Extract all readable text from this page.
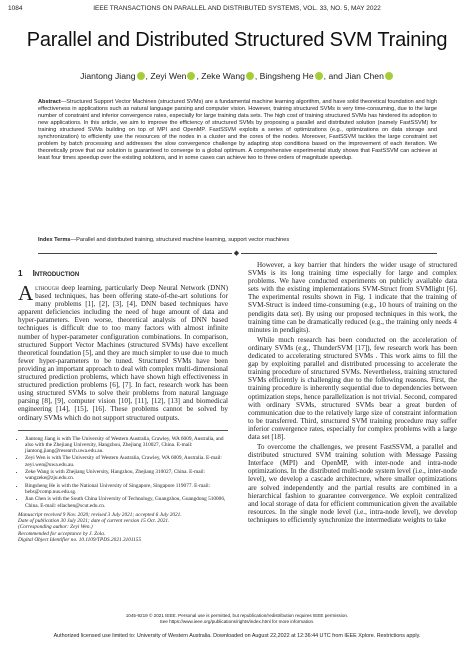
1084	IEEE TRANSACTIONS ON PARALLEL AND DISTRIBUTED SYSTEMS, VOL. 33, NO. 5, MAY 2022
Parallel and Distributed Structured SVM Training
Jiantong Jiang , Zeyi Wen , Zeke Wang , Bingsheng He , and Jian Chen
Abstract—Structured Support Vector Machines (structured SVMs) are a fundamental machine learning algorithm, and have solid theoretical foundation and high effectiveness in applications such as natural language parsing and computer vision. However, training structured SVMs is very time-consuming, due to the large number of constraint and inferior convergence rates, especially for large training data sets. The high cost of training structured SVMs has hindered its adoption to new applications. In this article, we aim to improve the efficiency of structured SVMs by proposing a parallel and distributed solution (namely FastSSVM) for training structured SVMs building on top of MPI and OpenMP. FastSSVM exploits a series of optimizations (e.g., optimizations on data storage and synchronization) to efficiently use the resources of the nodes in a cluster and the cores of the nodes. Moreover, FastSSVM tackles the large constraint set problem by batch processing and addresses the slow convergence challenge by adapting stop conditions based on the improvement of each iteration. We theoretically prove that our solution is guaranteed to converge to a global optimum. A comprehensive experimental study shows that FastSSVM can achieve at least four times speedup over the existing solutions, and in some cases can achieve two to three orders of magnitude speedup.
Index Terms—Parallel and distributed training, structured machine learning, support vector machines
◆
1 Introduction

Although deep learning, particularly Deep Neural Network (DNN) based techniques, has been offering state-of-the-art solutions for many problems [1], [2], [3], [4], DNN based techniques have apparent deficiencies including the need of huge amount of data and hyper-parameters. Even worse, theoretical analysis of DNN based techniques is difficult due to too many factors with almost infinite number of hyper-parameter configuration combinations. In comparison, structured Support Vector Machines (structured SVMs) have excellent theoretical foundation [5], and they are much simpler to use due to much fewer hyper-parameters to be tuned. Structured SVMs have been providing an important approach to deal with complex multi-dimensional structured prediction problems, which have shown high effectiveness in structured prediction problems [6], [7]. In fact, research work has been using structured SVMs to solve their problems from natural language parsing [8], [9], computer vision [10], [11], [12], [13] and biomedical engineering [14], [15], [16]. These problems cannot be solved by ordinary SVMs which do not support structured outputs.

• Jiantong Jiang is with The University of Western Australia, Crawley, WA 6009, Australia, and also with the Zhejiang University, Hangzhou, Zhejiang 310027, China. E-mail: jiantong.jiang@research.uwa.edu.au.
• Zeyi Wen is with The University of Western Australia, Crawley, WA 6009, Australia. E-mail: zeyi.wen@uwa.edu.au.
• Zeke Wang is with Zhejiang University, Hangzhou, Zhejiang 310027, China. E-mail: wangzeke@zju.edu.cn.
• Bingsheng He is with the National University of Singapore, Singapore 119077. E-mail: hebs@comp.nus.edu.sg.
• Jian Chen is with the South China University of Technology, Guangzhou, Guangdong 510006, China. E-mail: ellachen@scut.edu.cn.
Manuscript received 9 Nov. 2020; revised 3 July 2021; accepted 6 July 2021.
Date of publication 30 July 2021; date of current version 15 Oct. 2021.
(Corresponding author: Zeyi Wen.)
Recommended for acceptance by J. Zola.
Digital Object Identifier no. 10.1109/TPDS.2021.3101155

However, a key barrier that hinders the wider usage of structured SVMs is its long training time especially for large and complex problems. We have conducted experiments on publicly available data sets with the existing implementations SVM-Struct from SVMlight [6]. The experimental results shown in Fig. 1 indicate that the training of SVM-Struct is indeed time-consuming (e.g., 10 hours of training on the pendigits data set). By using our proposed techniques in this work, the training time can be dramatically reduced (e.g., the training only needs 4 minutes in pendigits).

While much research has been conducted on the acceleration of ordinary SVMs (e.g., ThunderSVM [17]), few research work has been dedicated to accelerating structured SVMs . This work aims to fill the gap by exploiting parallel and distributed processing to accelerate the training procedure of structured SVMs. Nevertheless, training structured SVMs efficiently is challenging due to the following reasons. First, the training procedure is inherently sequential due to dependencies between optimization steps, hence parallelization is not trivial. Second, compared with ordinary SVMs, structured SVMs bear a great burden of communication due to the relatively large size of constraint information to be transferred. Third, structured SVM training procedure may suffer inferior convergence rates, especially for complex problems with a large data set [18].

To overcome the challenges, we present FastSSVM, a parallel and distributed structured SVM training solution with Message Passing Interface (MPI) and OpenMP, with inter-node and intra-node optimizations. In the distributed multi-node system level (i.e., inter-node level), we develop a cascade architecture, where smaller optimizations are solved independently and the partial results are combined in a hierarchical fashion to guarantee convergence. We exploit centralized and local storage of data for efficient communication given the available resources. In the single node level (i.e., intra-node level), we develop techniques to efficiently synchronize the intermediate weights to take

1045-9219 © 2021 IEEE. Personal use is permitted, but republication/redistribution requires IEEE permission.
See https://www.ieee.org/publications/rights/index.html for more information.
Authorized licensed use limited to: University of Western Australia. Downloaded on August 22,2022 at 12:36:44 UTC from IEEE Xplore. Restrictions apply.
